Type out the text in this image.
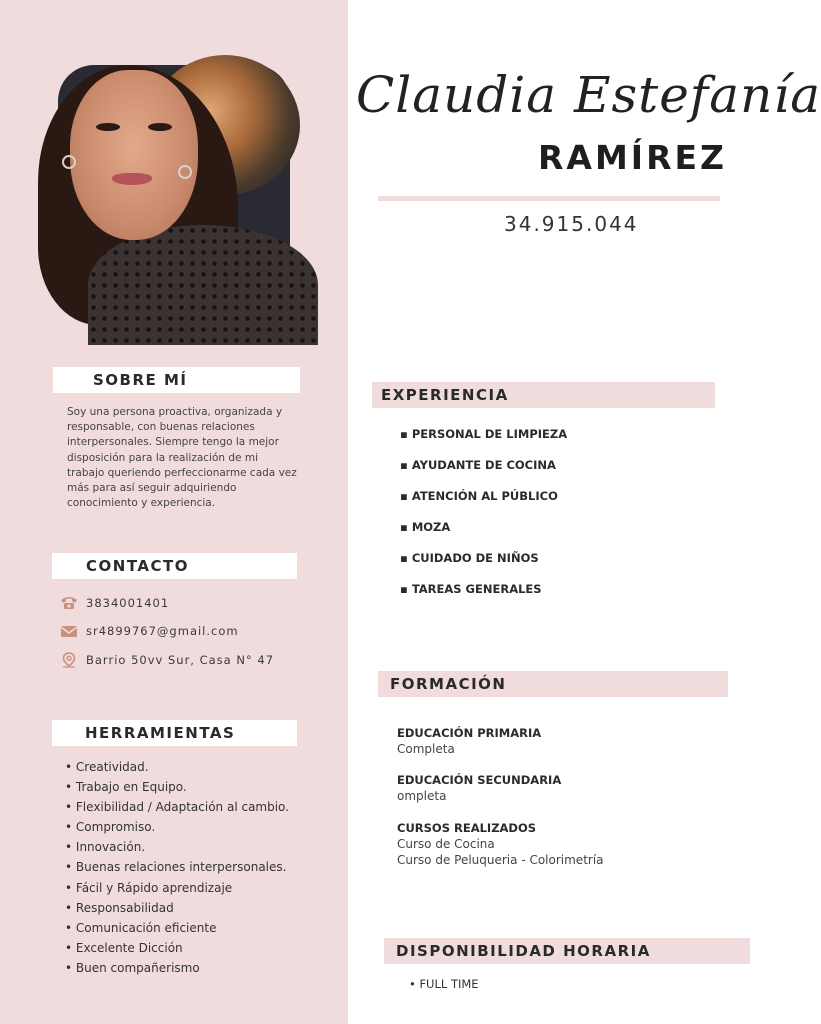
Claudia Estefanía
RAMÍREZ
34.915.044
SOBRE MÍ
Soy una persona proactiva, organizada y responsable, con buenas relaciones interpersonales. Siempre tengo la mejor disposición para la realización de mi trabajo queriendo perfeccionarme cada vez más para así seguir adquiriendo conocimiento y experiencia.
CONTACTO
3834001401
sr4899767@gmail.com
Barrio 50vv Sur, Casa N° 47
HERRAMIENTAS
• Creatividad.
• Trabajo en Equipo.
• Flexibilidad / Adaptación al cambio.
• Compromiso.
• Innovación.
• Buenas relaciones interpersonales.
• Fácil y Rápido aprendizaje
• Responsabilidad
• Comunicación eficiente
• Excelente Dicción
• Buen compañerismo
EXPERIENCIA
▪ PERSONAL DE LIMPIEZA
▪ AYUDANTE DE COCINA
▪ ATENCIÓN AL PÚBLICO
▪ MOZA
▪ CUIDADO DE NIÑOS
▪ TAREAS GENERALES
FORMACIÓN
EDUCACIÓN PRIMARIA
Completa
EDUCACIÓN SECUNDARIA
ompleta
CURSOS REALIZADOS
Curso de Cocina
Curso de Peluqueria - Colorimetría
DISPONIBILIDAD HORARIA
• FULL TIME
